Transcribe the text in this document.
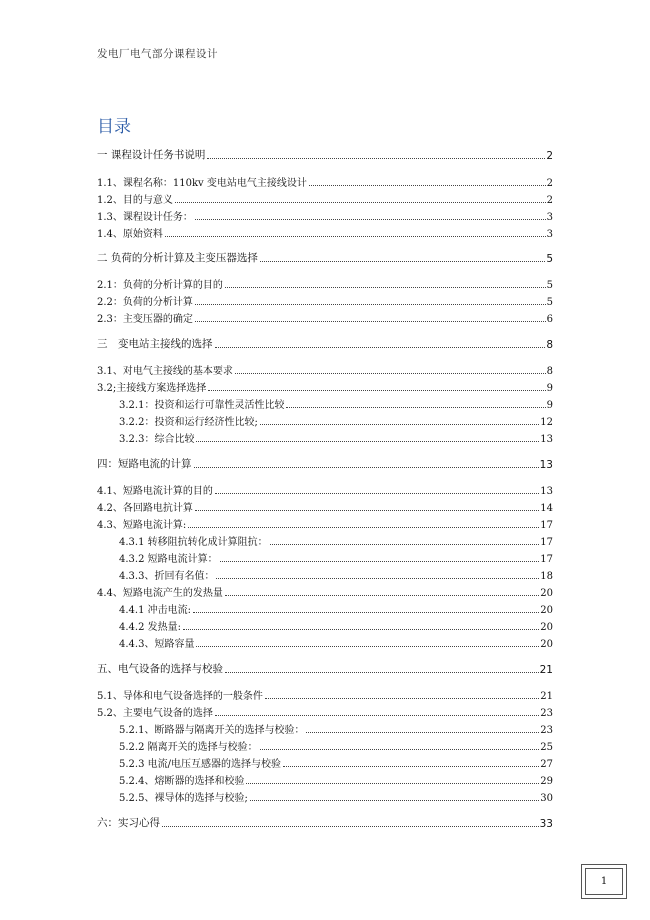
发电厂电气部分课程设计
目录
一 课程设计任务书说明	2
1.1、课程名称：110kv 变电站电气主接线设计	2
1.2、目的与意义	2
1.3、课程设计任务：	3
1.4、原始资料	3
二 负荷的分析计算及主变压器选择	5
2.1：负荷的分析计算的目的	5
2.2：负荷的分析计算	5
2.3：主变压器的确定	6
三　变电站主接线的选择	8
3.1、对电气主接线的基本要求	8
3.2;主接线方案选择选择	9
3.2.1：投资和运行可靠性灵活性比较	9
3.2.2：投资和运行经济性比较;	12
3.2.3：综合比较	13
四：短路电流的计算	13
4.1、短路电流计算的目的	13
4.2、各回路电抗计算	14
4.3、短路电流计算:	17
4.3.1 转移阻抗转化成计算阻抗：	17
4.3.2 短路电流计算：	17
4.3.3、折回有名值：	18
4.4、短路电流产生的发热量	20
4.4.1 冲击电流:	20
4.4.2 发热量:	20
4.4.3、短路容量	20
五、电气设备的选择与校验	21
5.1、导体和电气设备选择的一般条件	21
5.2、主要电气设备的选择	23
5.2.1、断路器与隔离开关的选择与校验：	23
5.2.2 隔离开关的选择与校验：	25
5.2.3 电流/电压互感器的选择与校验	27
5.2.4、熔断器的选择和校验	29
5.2.5、裸导体的选择与校验;	30
六：实习心得	33
1
